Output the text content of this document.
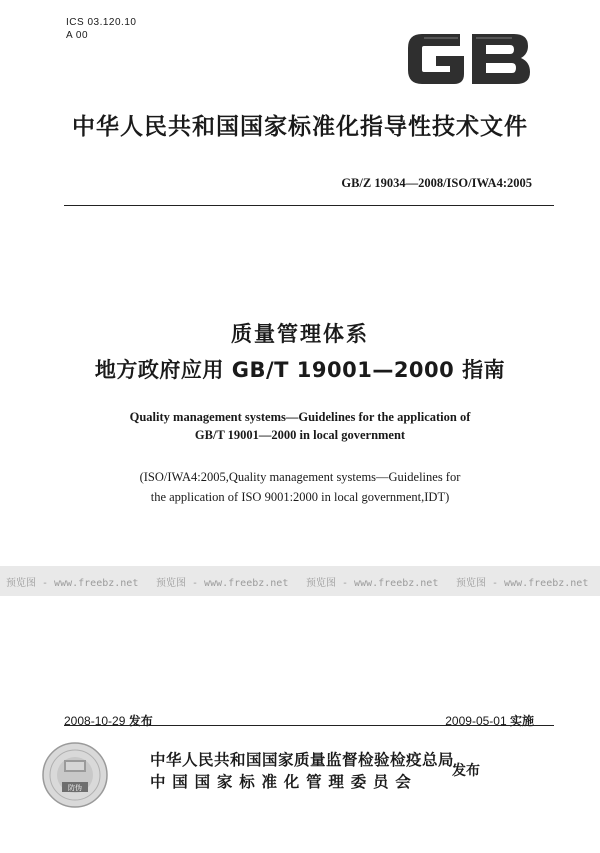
ICS 03.120.10
A 00
中华人民共和国国家标准化指导性技术文件
GB/Z 19034—2008/ISO/IWA4:2005
质量管理体系
地方政府应用 GB/T 19001—2000 指南
Quality management systems—Guidelines for the application of
GB/T 19001—2000 in local government
(ISO/IWA4:2005,Quality management systems—Guidelines for
the application of ISO 9001:2000 in local government,IDT)
预览图 - www.freebz.net 预览图 - www.freebz.net 预览图 - www.freebz.net 预览图 - www.freebz.net
2008-10-29 发布	2009-05-01 实施
防伪
中华人民共和国国家质量监督检验检疫总局
中国国家标准化管理委员会
发布
